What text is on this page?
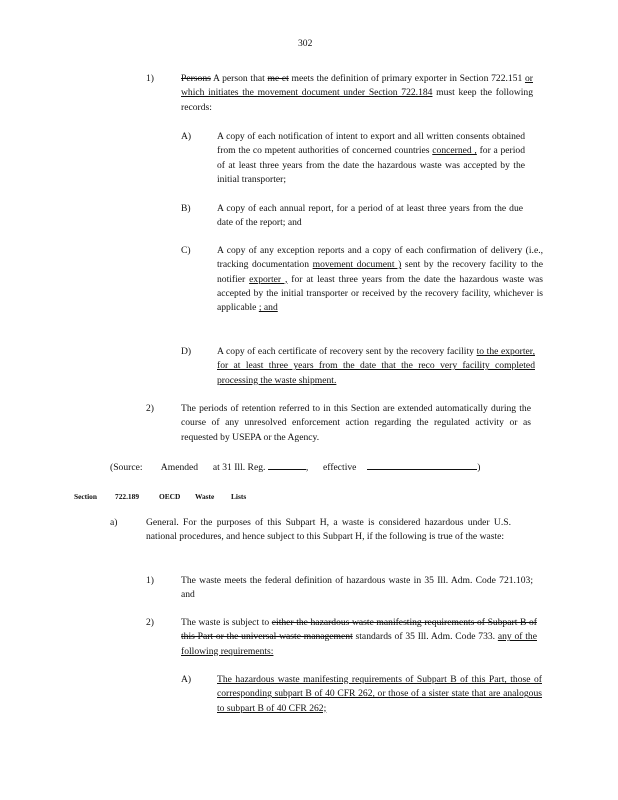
302
1)	Persons A person that me et meets the definition of primary exporter in Section 722.151 or which initiates the movement document under Section 722.184 must keep the following records:
A)	A copy of each notification of intent to export and all written consents obtained from the co mpetent authorities of concerned countries concerned , for a period of at least three years from the date the hazardous waste was accepted by the initial transporter;
B)	A copy of each annual report, for a period of at least three years from the due date of the report; and
C)	A copy of any exception reports and a copy of each confirmation of delivery (i.e., tracking documentation movement document ) sent by the recovery facility to the notifier exporter , for at least three years from the date the hazardous waste was accepted by the initial transporter or received by the recovery facility, whichever is applicable ; and
D)	A copy of each certificate of recovery sent by the recovery facility to the exporter, for at least three years from the date that the reco very facility completed processing the waste shipment.
2)	The periods of retention referred to in this Section are extended automatically during the course of any unresolved enforcement action regarding the regulated activity or as requested by USEPA or the Agency.
(Source: Amended at 31 Ill. Reg.	, effective	)
Section 722.189	OECD Waste Lists
a)	General. For the purposes of this Subpart H, a waste is considered hazardous under U.S. national procedures, and hence subject to this Subpart H, if the following is true of the waste:
1)	The waste meets the federal definition of hazardous waste in 35 Ill. Adm. Code 721.103; and
2)	The waste is subject to either the hazardous waste manifesting requirements of Subpart B of this Part or the universal waste management standards of 35 Ill. Adm. Code 733. any of the following requirements:
A)	The hazardous waste manifesting requirements of Subpart B of this Part, those of corresponding subpart B of 40 CFR 262, or those of a sister state that are analogous to subpart B of 40 CFR 262;
